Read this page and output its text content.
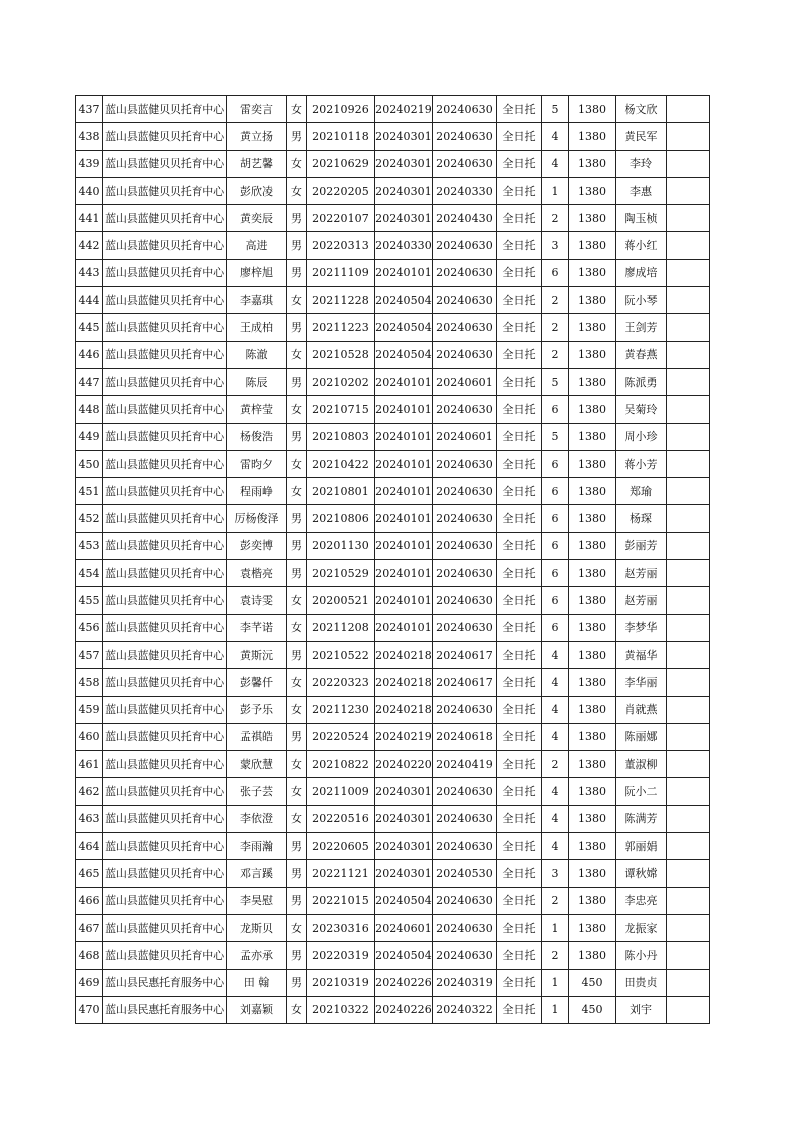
437	蓝山县蓝健贝贝托育中心	雷奕言	女	20210926	20240219	20240630	全日托	5	1380	杨文欣	
438	蓝山县蓝健贝贝托育中心	黄立扬	男	20210118	20240301	20240630	全日托	4	1380	黄民军	
439	蓝山县蓝健贝贝托育中心	胡艺馨	女	20210629	20240301	20240630	全日托	4	1380	李玲	
440	蓝山县蓝健贝贝托育中心	彭欣凌	女	20220205	20240301	20240330	全日托	1	1380	李惠	
441	蓝山县蓝健贝贝托育中心	黄奕辰	男	20220107	20240301	20240430	全日托	2	1380	陶玉桢	
442	蓝山县蓝健贝贝托育中心	高进	男	20220313	20240330	20240630	全日托	3	1380	蒋小红	
443	蓝山县蓝健贝贝托育中心	廖梓旭	男	20211109	20240101	20240630	全日托	6	1380	廖成培	
444	蓝山县蓝健贝贝托育中心	李嘉琪	女	20211228	20240504	20240630	全日托	2	1380	阮小琴	
445	蓝山县蓝健贝贝托育中心	王成柏	男	20211223	20240504	20240630	全日托	2	1380	王剑芳	
446	蓝山县蓝健贝贝托育中心	陈澈	女	20210528	20240504	20240630	全日托	2	1380	黄春燕	
447	蓝山县蓝健贝贝托育中心	陈辰	男	20210202	20240101	20240601	全日托	5	1380	陈派勇	
448	蓝山县蓝健贝贝托育中心	黄梓莹	女	20210715	20240101	20240630	全日托	6	1380	吴菊玲	
449	蓝山县蓝健贝贝托育中心	杨俊浩	男	20210803	20240101	20240601	全日托	5	1380	周小珍	
450	蓝山县蓝健贝贝托育中心	雷昀夕	女	20210422	20240101	20240630	全日托	6	1380	蒋小芳	
451	蓝山县蓝健贝贝托育中心	程雨峥	女	20210801	20240101	20240630	全日托	6	1380	郑瑜	
452	蓝山县蓝健贝贝托育中心	厉杨俊泽	男	20210806	20240101	20240630	全日托	6	1380	杨琛	
453	蓝山县蓝健贝贝托育中心	彭奕博	男	20201130	20240101	20240630	全日托	6	1380	彭丽芳	
454	蓝山县蓝健贝贝托育中心	袁楷亮	男	20210529	20240101	20240630	全日托	6	1380	赵芳丽	
455	蓝山县蓝健贝贝托育中心	袁诗雯	女	20200521	20240101	20240630	全日托	6	1380	赵芳丽	
456	蓝山县蓝健贝贝托育中心	李芊诺	女	20211208	20240101	20240630	全日托	6	1380	李梦华	
457	蓝山县蓝健贝贝托育中心	黄斯沅	男	20210522	20240218	20240617	全日托	4	1380	黄福华	
458	蓝山县蓝健贝贝托育中心	彭馨仟	女	20220323	20240218	20240617	全日托	4	1380	李华丽	
459	蓝山县蓝健贝贝托育中心	彭予乐	女	20211230	20240218	20240630	全日托	4	1380	肖就燕	
460	蓝山县蓝健贝贝托育中心	孟祺皓	男	20220524	20240219	20240618	全日托	4	1380	陈丽娜	
461	蓝山县蓝健贝贝托育中心	蒙欣慧	女	20210822	20240220	20240419	全日托	2	1380	董淑柳	
462	蓝山县蓝健贝贝托育中心	张子芸	女	20211009	20240301	20240630	全日托	4	1380	阮小二	
463	蓝山县蓝健贝贝托育中心	李依澄	女	20220516	20240301	20240630	全日托	4	1380	陈满芳	
464	蓝山县蓝健贝贝托育中心	李雨瀚	男	20220605	20240301	20240630	全日托	4	1380	郭丽娟	
465	蓝山县蓝健贝贝托育中心	邓言蹊	男	20221121	20240301	20240530	全日托	3	1380	谭秋嫦	
466	蓝山县蓝健贝贝托育中心	李昊慰	男	20221015	20240504	20240630	全日托	2	1380	李忠亮	
467	蓝山县蓝健贝贝托育中心	龙斯贝	女	20230316	20240601	20240630	全日托	1	1380	龙振家	
468	蓝山县蓝健贝贝托育中心	孟亦承	男	20220319	20240504	20240630	全日托	2	1380	陈小丹	
469	蓝山县民惠托育服务中心	田 翰	男	20210319	20240226	20240319	全日托	1	450	田贵贞	
470	蓝山县民惠托育服务中心	刘嘉颖	女	20210322	20240226	20240322	全日托	1	450	刘宇	
